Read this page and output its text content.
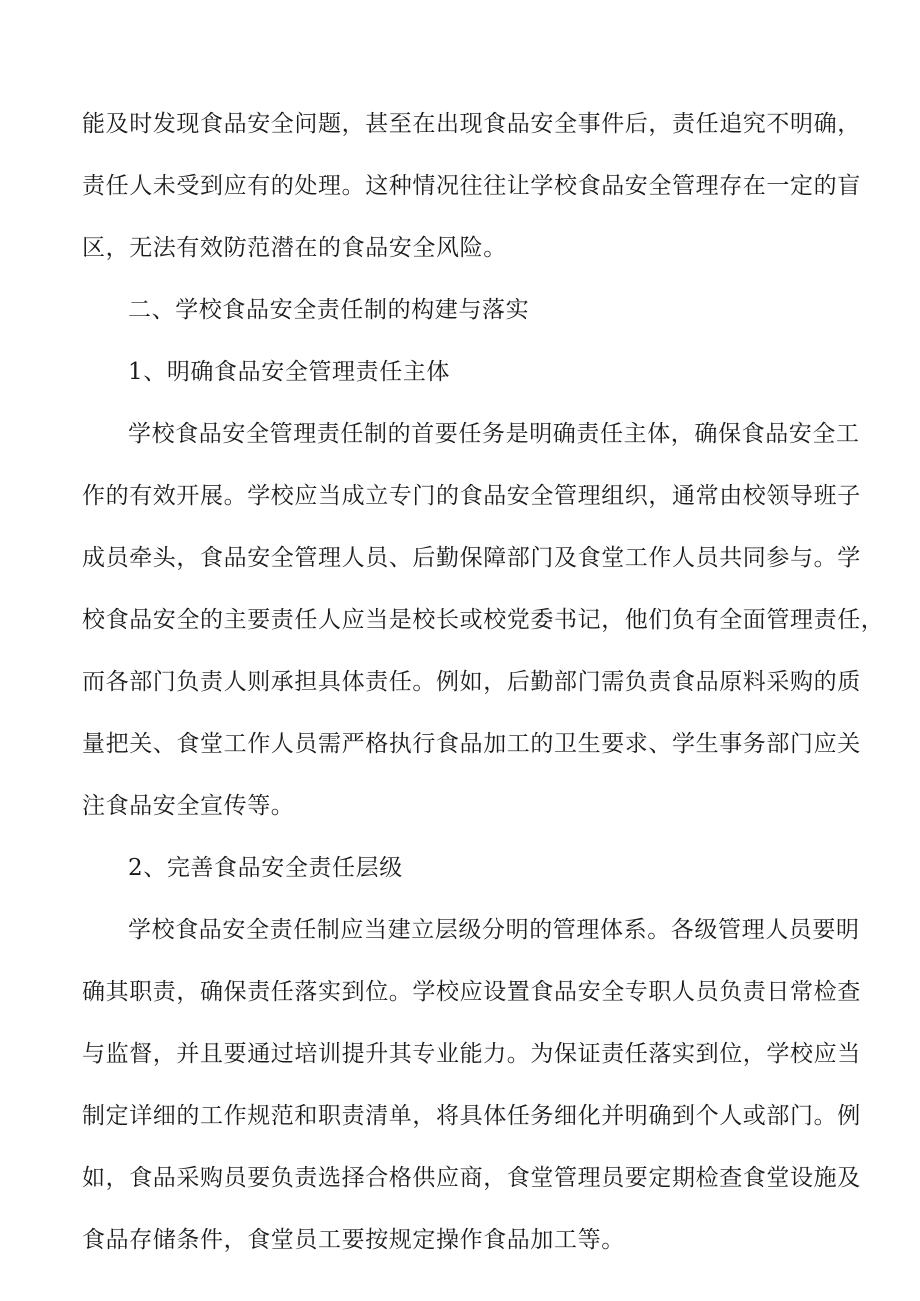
能及时发现食品安全问题，甚至在出现食品安全事件后，责任追究不明确，
责任人未受到应有的处理。这种情况往往让学校食品安全管理存在一定的盲
区，无法有效防范潜在的食品安全风险。
二、学校食品安全责任制的构建与落实
1、明确食品安全管理责任主体
学校食品安全管理责任制的首要任务是明确责任主体，确保食品安全工
作的有效开展。学校应当成立专门的食品安全管理组织，通常由校领导班子
成员牵头，食品安全管理人员、后勤保障部门及食堂工作人员共同参与。学
校食品安全的主要责任人应当是校长或校党委书记，他们负有全面管理责任，
而各部门负责人则承担具体责任。例如，后勤部门需负责食品原料采购的质
量把关、食堂工作人员需严格执行食品加工的卫生要求、学生事务部门应关
注食品安全宣传等。
2、完善食品安全责任层级
学校食品安全责任制应当建立层级分明的管理体系。各级管理人员要明
确其职责，确保责任落实到位。学校应设置食品安全专职人员负责日常检查
与监督，并且要通过培训提升其专业能力。为保证责任落实到位，学校应当
制定详细的工作规范和职责清单，将具体任务细化并明确到个人或部门。例
如，食品采购员要负责选择合格供应商，食堂管理员要定期检查食堂设施及
食品存储条件，食堂员工要按规定操作食品加工等。
